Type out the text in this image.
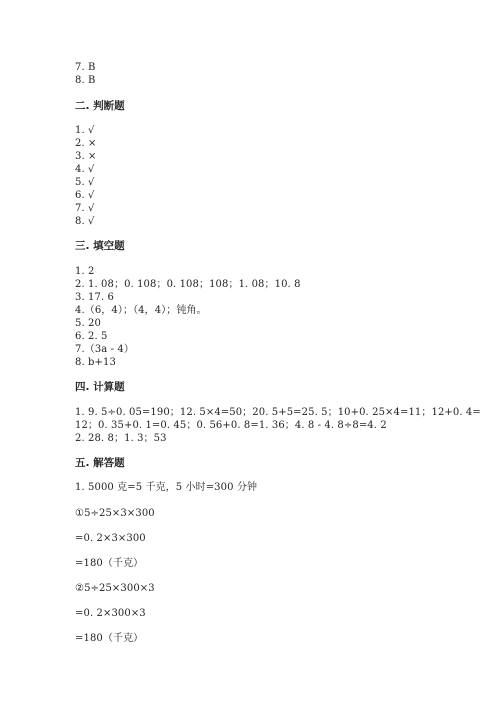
7. B
8. B
二. 判断题
1. √
2. ×
3. ×
4. √
5. √
6. √
7. √
8. √
三. 填空题
1. 2
2. 1. 08；0. 108；0. 108；108；1. 08；10. 8
3. 17. 6
4.（6，4）；（4，4）；钝角。
5. 20
6. 2. 5
7.（3a - 4）
8. b+13
四. 计算题
1. 9. 5÷0. 05=190；12. 5×4=50；20. 5+5=25. 5；10+0. 25×4=11；12+0. 4=
12；0. 35+0. 1=0. 45；0. 56+0. 8=1. 36；4. 8 - 4. 8÷8=4. 2
2. 28. 8；1. 3；53
五. 解答题
1. 5000 克=5 千克，5 小时=300 分钟
①5÷25×3×300
=0. 2×3×300
=180（千克）
②5÷25×300×3
=0. 2×300×3
=180（千克）
